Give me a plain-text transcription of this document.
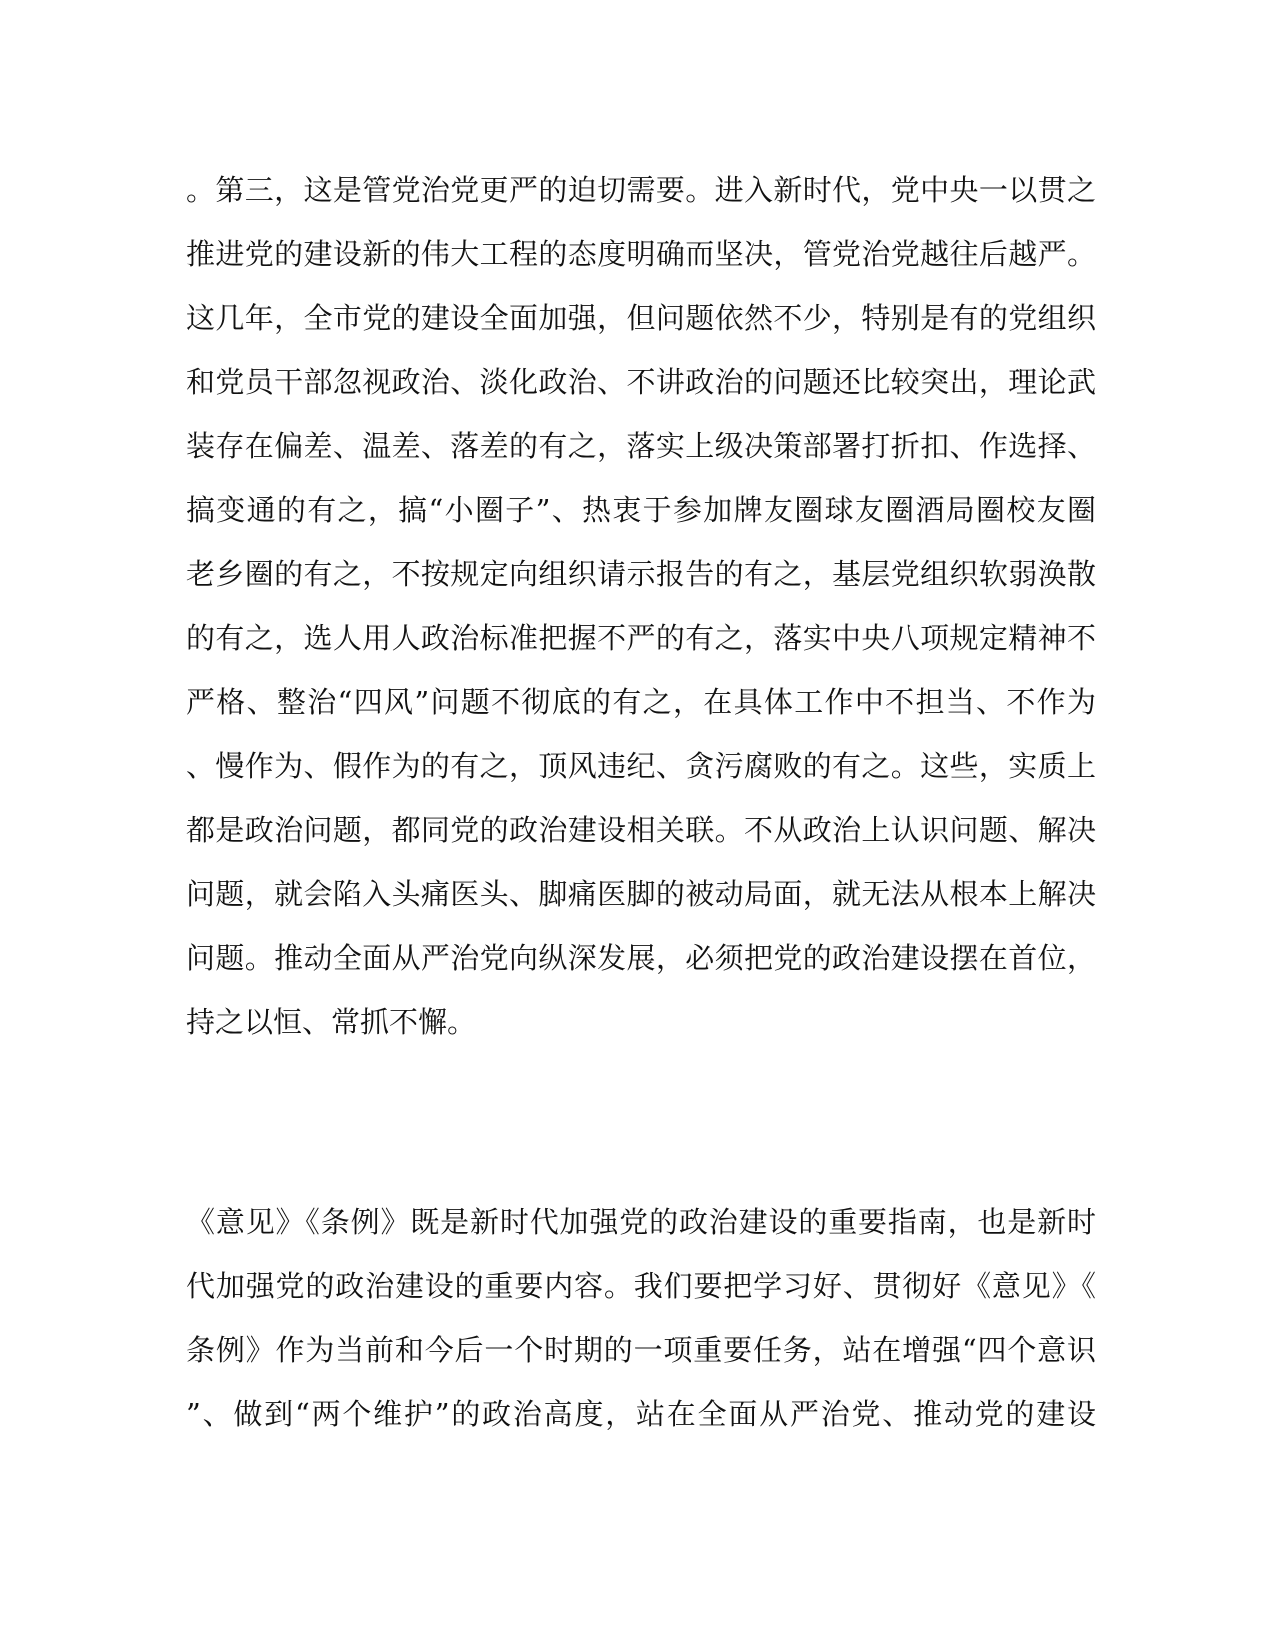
。第三，这是管党治党更严的迫切需要。进入新时代，党中央一以贯之
推进党的建设新的伟大工程的态度明确而坚决，管党治党越往后越严。
这几年，全市党的建设全面加强，但问题依然不少，特别是有的党组织
和党员干部忽视政治、淡化政治、不讲政治的问题还比较突出，理论武
装存在偏差、温差、落差的有之，落实上级决策部署打折扣、作选择、
搞变通的有之，搞“小圈子”、热衷于参加牌友圈球友圈酒局圈校友圈
老乡圈的有之，不按规定向组织请示报告的有之，基层党组织软弱涣散
的有之，选人用人政治标准把握不严的有之，落实中央八项规定精神不
严格、整治“四风”问题不彻底的有之，在具体工作中不担当、不作为
、慢作为、假作为的有之，顶风违纪、贪污腐败的有之。这些，实质上
都是政治问题，都同党的政治建设相关联。不从政治上认识问题、解决
问题，就会陷入头痛医头、脚痛医脚的被动局面，就无法从根本上解决
问题。推动全面从严治党向纵深发展，必须把党的政治建设摆在首位，
持之以恒、常抓不懈。
《意见》《条例》既是新时代加强党的政治建设的重要指南，也是新时
代加强党的政治建设的重要内容。我们要把学习好、贯彻好《意见》《
条例》作为当前和今后一个时期的一项重要任务，站在增强“四个意识
”、做到“两个维护”的政治高度，站在全面从严治党、推动党的建设
